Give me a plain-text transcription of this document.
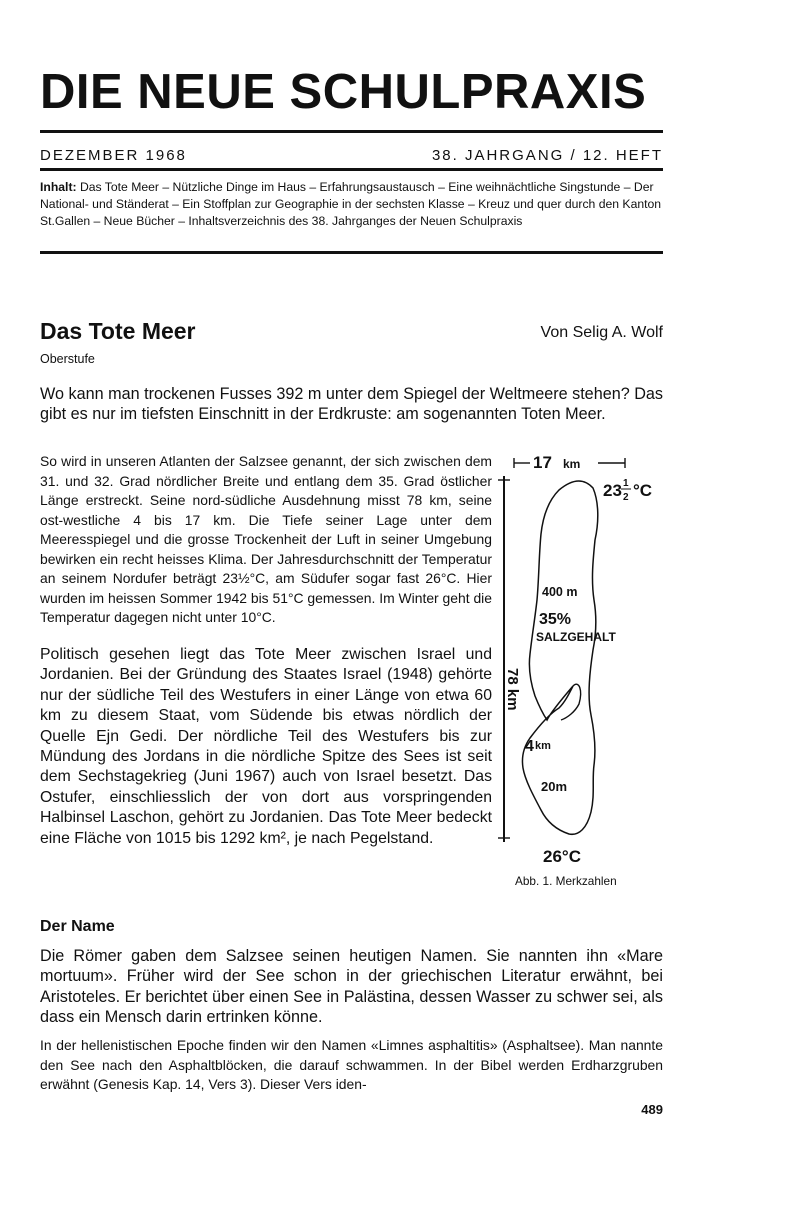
DIE NEUE SCHULPRAXIS
DEZEMBER 1968	38. JAHRGANG / 12. HEFT
Inhalt: Das Tote Meer – Nützliche Dinge im Haus – Erfahrungsaustausch – Eine weihnächtliche Singstunde – Der National- und Ständerat – Ein Stoffplan zur Geographie in der sechsten Klasse – Kreuz und quer durch den Kanton St.Gallen – Neue Bücher – Inhaltsverzeichnis des 38. Jahrganges der Neuen Schulpraxis
Das Tote Meer	Von Selig A. Wolf
Oberstufe
Wo kann man trockenen Fusses 392 m unter dem Spiegel der Weltmeere stehen? Das gibt es nur im tiefsten Einschnitt in der Erdkruste: am sogenannten Toten Meer.
So wird in unseren Atlanten der Salzsee genannt, der sich zwischen dem 31. und 32. Grad nördlicher Breite und entlang dem 35. Grad östlicher Länge erstreckt. Seine nord-südliche Ausdehnung misst 78 km, seine ost-westliche 4 bis 17 km. Die Tiefe seiner Lage unter dem Meeresspiegel und die grosse Trockenheit der Luft in seiner Umgebung bewirken ein recht heisses Klima. Der Jahresdurchschnitt der Temperatur an seinem Nordufer beträgt 23½°C, am Südufer sogar fast 26°C. Hier wurden im heissen Sommer 1942 bis 51°C gemessen. Im Winter geht die Temperatur dagegen nicht unter 10°C.
Politisch gesehen liegt das Tote Meer zwischen Israel und Jordanien. Bei der Gründung des Staates Israel (1948) gehörte nur der südliche Teil des Westufers in einer Länge von etwa 60 km zu diesem Staat, vom Südende bis etwas nördlich der Quelle Ejn Gedi. Der nördliche Teil des Westufers bis zur Mündung des Jordans in die nördliche Spitze des Sees ist seit dem Sechstagekrieg (Juni 1967) auch von Israel besetzt. Das Ostufer, einschliesslich der von dort aus vorspringenden Halbinsel Laschon, gehört zu Jordanien. Das Tote Meer bedeckt eine Fläche von 1015 bis 1292 km², je nach Pegelstand.
17 km
23 1
2 °C
400 m
35%
SALZGEHALT
78 km
4 km
20m
26°C
Abb. 1. Merkzahlen
Der Name
Die Römer gaben dem Salzsee seinen heutigen Namen. Sie nannten ihn «Mare mortuum». Früher wird der See schon in der griechischen Literatur erwähnt, bei Aristoteles. Er berichtet über einen See in Palästina, dessen Wasser zu schwer sei, als dass ein Mensch darin ertrinken könne.
In der hellenistischen Epoche finden wir den Namen «Limnes asphaltitis» (Asphaltsee). Man nannte den See nach den Asphaltblöcken, die darauf schwammen. In der Bibel werden Erdharzgruben erwähnt (Genesis Kap. 14, Vers 3). Dieser Vers iden-
489
